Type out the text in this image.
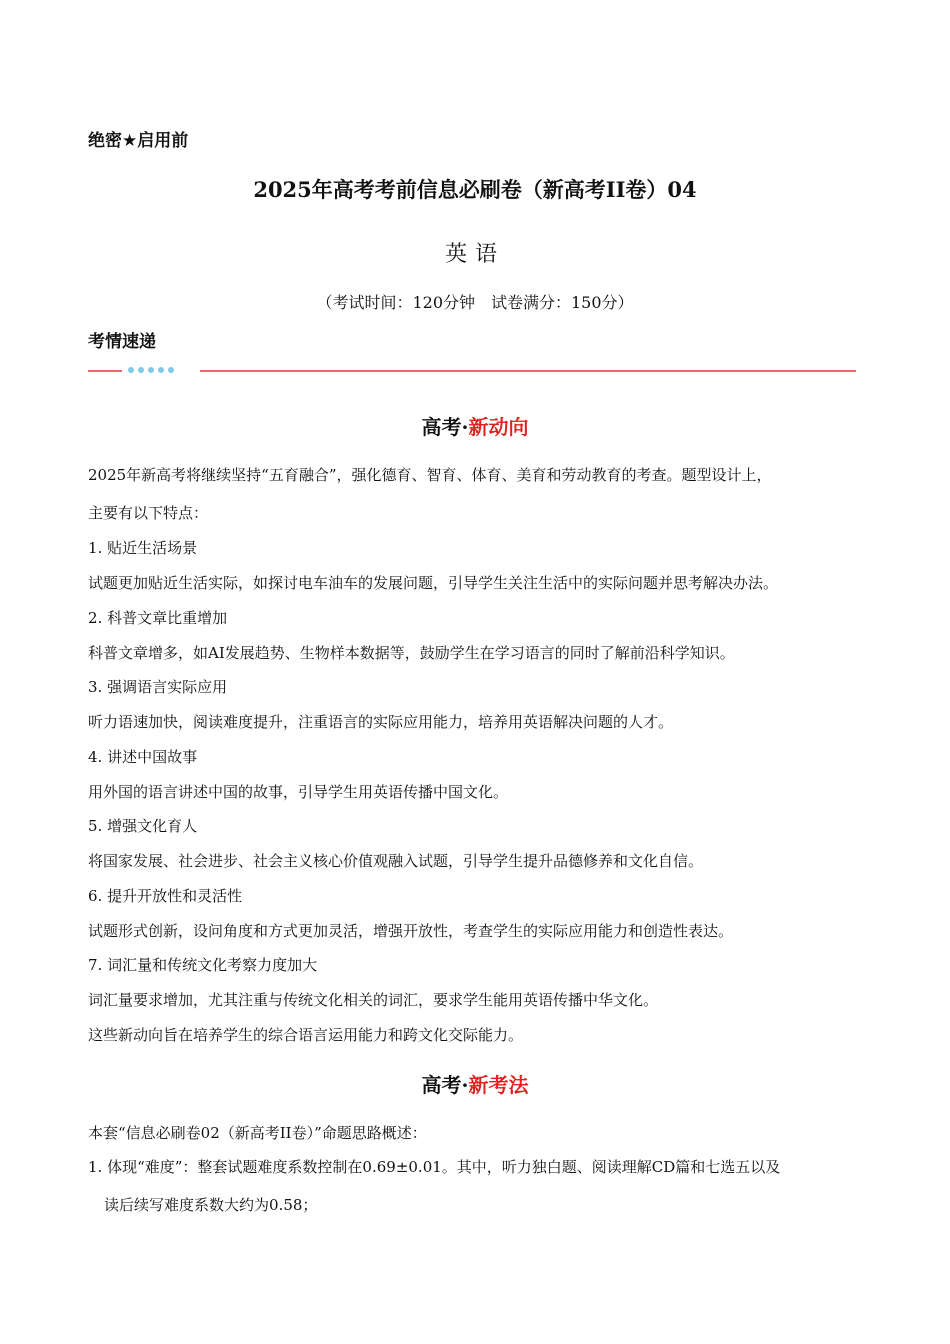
绝密★启用前
2025年高考考前信息必刷卷（新高考II卷）04
英语
（考试时间：120分钟　试卷满分：150分）
考情速递
高考·新动向
2025年新高考将继续坚持“五育融合”，强化德育、智育、体育、美育和劳动教育的考查。题型设计上，
主要有以下特点：
1. 贴近生活场景
试题更加贴近生活实际，如探讨电车油车的发展问题，引导学生关注生活中的实际问题并思考解决办法。
2. 科普文章比重增加
科普文章增多，如AI发展趋势、生物样本数据等，鼓励学生在学习语言的同时了解前沿科学知识。
3. 强调语言实际应用
听力语速加快，阅读难度提升，注重语言的实际应用能力，培养用英语解决问题的人才。
4. 讲述中国故事
用外国的语言讲述中国的故事，引导学生用英语传播中国文化。
5. 增强文化育人
将国家发展、社会进步、社会主义核心价值观融入试题，引导学生提升品德修养和文化自信。
6. 提升开放性和灵活性
试题形式创新，设问角度和方式更加灵活，增强开放性，考查学生的实际应用能力和创造性表达。
7. 词汇量和传统文化考察力度加大
词汇量要求增加，尤其注重与传统文化相关的词汇，要求学生能用英语传播中华文化。
这些新动向旨在培养学生的综合语言运用能力和跨文化交际能力。
高考·新考法
本套“信息必刷卷02（新高考II卷）”命题思路概述：
1. 体现“难度”：整套试题难度系数控制在0.69±0.01。其中，听力独白题、阅读理解CD篇和七选五以及
读后续写难度系数大约为0.58；
